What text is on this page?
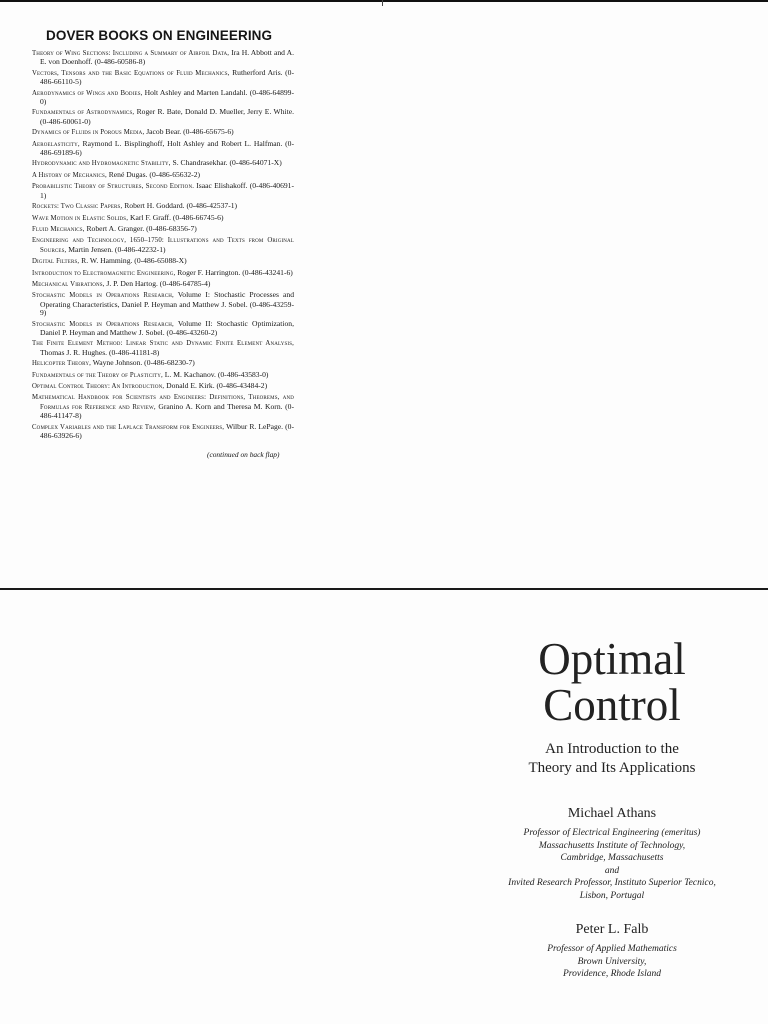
DOVER BOOKS ON ENGINEERING
Theory of Wing Sections: Including a Summary of Airfoil Data, Ira H. Abbott and A. E. von Doenhoff. (0-486-60586-8)
Vectors, Tensors and the Basic Equations of Fluid Mechanics, Rutherford Aris. (0-486-66110-5)
Aerodynamics of Wings and Bodies, Holt Ashley and Marten Landahl. (0-486-64899-0)
Fundamentals of Astrodynamics, Roger R. Bate, Donald D. Mueller, Jerry E. White. (0-486-60061-0)
Dynamics of Fluids in Porous Media, Jacob Bear. (0-486-65675-6)
Aeroelasticity, Raymond L. Bisplinghoff, Holt Ashley and Robert L. Halfman. (0-486-69189-6)
Hydrodynamic and Hydromagnetic Stability, S. Chandrasekhar. (0-486-64071-X)
A History of Mechanics, René Dugas. (0-486-65632-2)
Probabilistic Theory of Structures, Second Edition. Isaac Elishakoff. (0-486-40691-1)
Rockets: Two Classic Papers, Robert H. Goddard. (0-486-42537-1)
Wave Motion in Elastic Solids, Karl F. Graff. (0-486-66745-6)
Fluid Mechanics, Robert A. Granger. (0-486-68356-7)
Engineering and Technology, 1650–1750: Illustrations and Texts from Original Sources, Martin Jensen. (0-486-42232-1)
Digital Filters, R. W. Hamming. (0-486-65088-X)
Introduction to Electromagnetic Engineering, Roger F. Harrington. (0-486-43241-6)
Mechanical Vibrations, J. P. Den Hartog. (0-486-64785-4)
Stochastic Models in Operations Research, Volume I: Stochastic Processes and Operating Characteristics, Daniel P. Heyman and Matthew J. Sobel. (0-486-43259-9)
Stochastic Models in Operations Research, Volume II: Stochastic Optimization, Daniel P. Heyman and Matthew J. Sobel. (0-486-43260-2)
The Finite Element Method: Linear Static and Dynamic Finite Element Analysis, Thomas J. R. Hughes. (0-486-41181-8)
Helicopter Theory, Wayne Johnson. (0-486-68230-7)
Fundamentals of the Theory of Plasticity, L. M. Kachanov. (0-486-43583-0)
Optimal Control Theory: An Introduction, Donald E. Kirk. (0-486-43484-2)
Mathematical Handbook for Scientists and Engineers: Definitions, Theorems, and Formulas for Reference and Review, Granino A. Korn and Theresa M. Korn. (0-486-41147-8)
Complex Variables and the Laplace Transform for Engineers, Wilbur R. LePage. (0-486-63926-6)
(continued on back flap)
Optimal
Control
An Introduction to the
Theory and Its Applications
Michael Athans
Professor of Electrical Engineering (emeritus)
Massachusetts Institute of Technology,
Cambridge, Massachusetts
and
Invited Research Professor, Instituto Superior Tecnico,
Lisbon, Portugal
Peter L. Falb
Professor of Applied Mathematics
Brown University,
Providence, Rhode Island
